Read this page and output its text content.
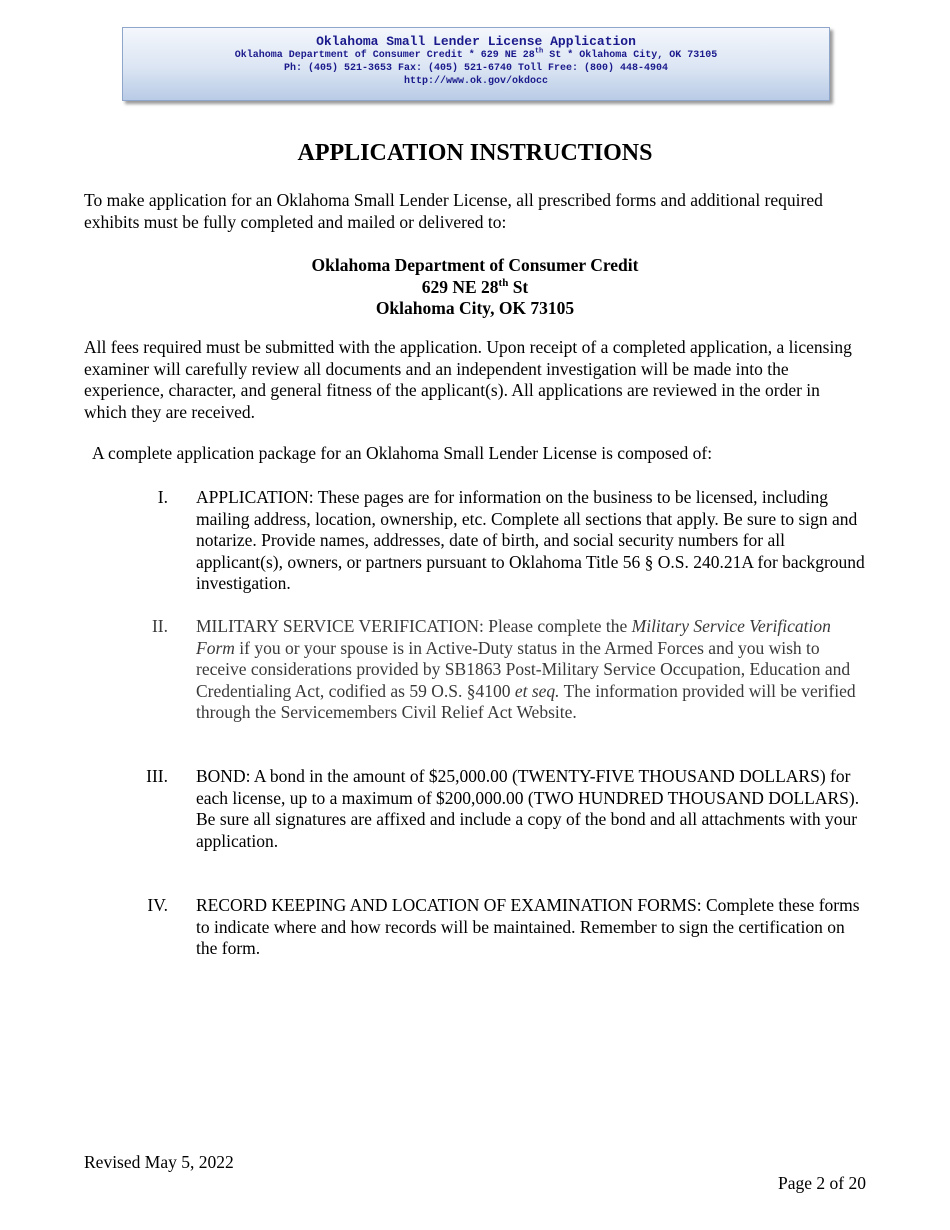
Oklahoma Small Lender License Application
Oklahoma Department of Consumer Credit * 629 NE 28th St * Oklahoma City, OK 73105
Ph: (405) 521-3653 Fax: (405) 521-6740 Toll Free: (800) 448-4904
http://www.ok.gov/okdocc
APPLICATION INSTRUCTIONS
To make application for an Oklahoma Small Lender License, all prescribed forms and additional required exhibits must be fully completed and mailed or delivered to:
Oklahoma Department of Consumer Credit
629 NE 28th St
Oklahoma City, OK 73105
All fees required must be submitted with the application. Upon receipt of a completed application, a licensing examiner will carefully review all documents and an independent investigation will be made into the experience, character, and general fitness of the applicant(s). All applications are reviewed in the order in which they are received.
A complete application package for an Oklahoma Small Lender License is composed of:
I. APPLICATION: These pages are for information on the business to be licensed, including mailing address, location, ownership, etc. Complete all sections that apply. Be sure to sign and notarize. Provide names, addresses, date of birth, and social security numbers for all applicant(s), owners, or partners pursuant to Oklahoma Title 56 § O.S. 240.21A for background investigation.
II. MILITARY SERVICE VERIFICATION: Please complete the Military Service Verification Form if you or your spouse is in Active-Duty status in the Armed Forces and you wish to receive considerations provided by SB1863 Post-Military Service Occupation, Education and Credentialing Act, codified as 59 O.S. §4100 et seq. The information provided will be verified through the Servicemembers Civil Relief Act Website.
III. BOND: A bond in the amount of $25,000.00 (TWENTY-FIVE THOUSAND DOLLARS) for each license, up to a maximum of $200,000.00 (TWO HUNDRED THOUSAND DOLLARS). Be sure all signatures are affixed and include a copy of the bond and all attachments with your application.
IV. RECORD KEEPING AND LOCATION OF EXAMINATION FORMS: Complete these forms to indicate where and how records will be maintained. Remember to sign the certification on the form.
Revised May 5, 2022
Page 2 of 20
